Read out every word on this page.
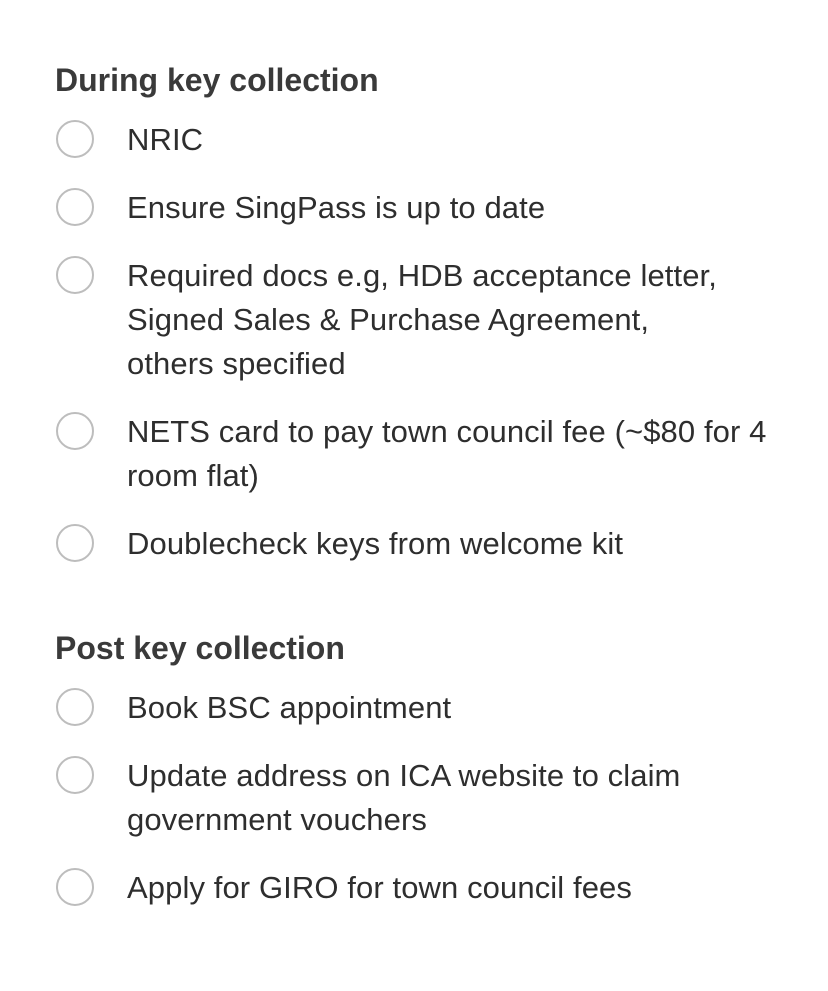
During key collection
NRIC
Ensure SingPass is up to date
Required docs e.g, HDB acceptance letter, Signed Sales & Purchase Agreement, others specified
NETS card to pay town council fee (~$80 for 4 room flat)
Doublecheck keys from welcome kit
Post key collection
Book BSC appointment
Update address on ICA website to claim government vouchers
Apply for GIRO for town council fees
